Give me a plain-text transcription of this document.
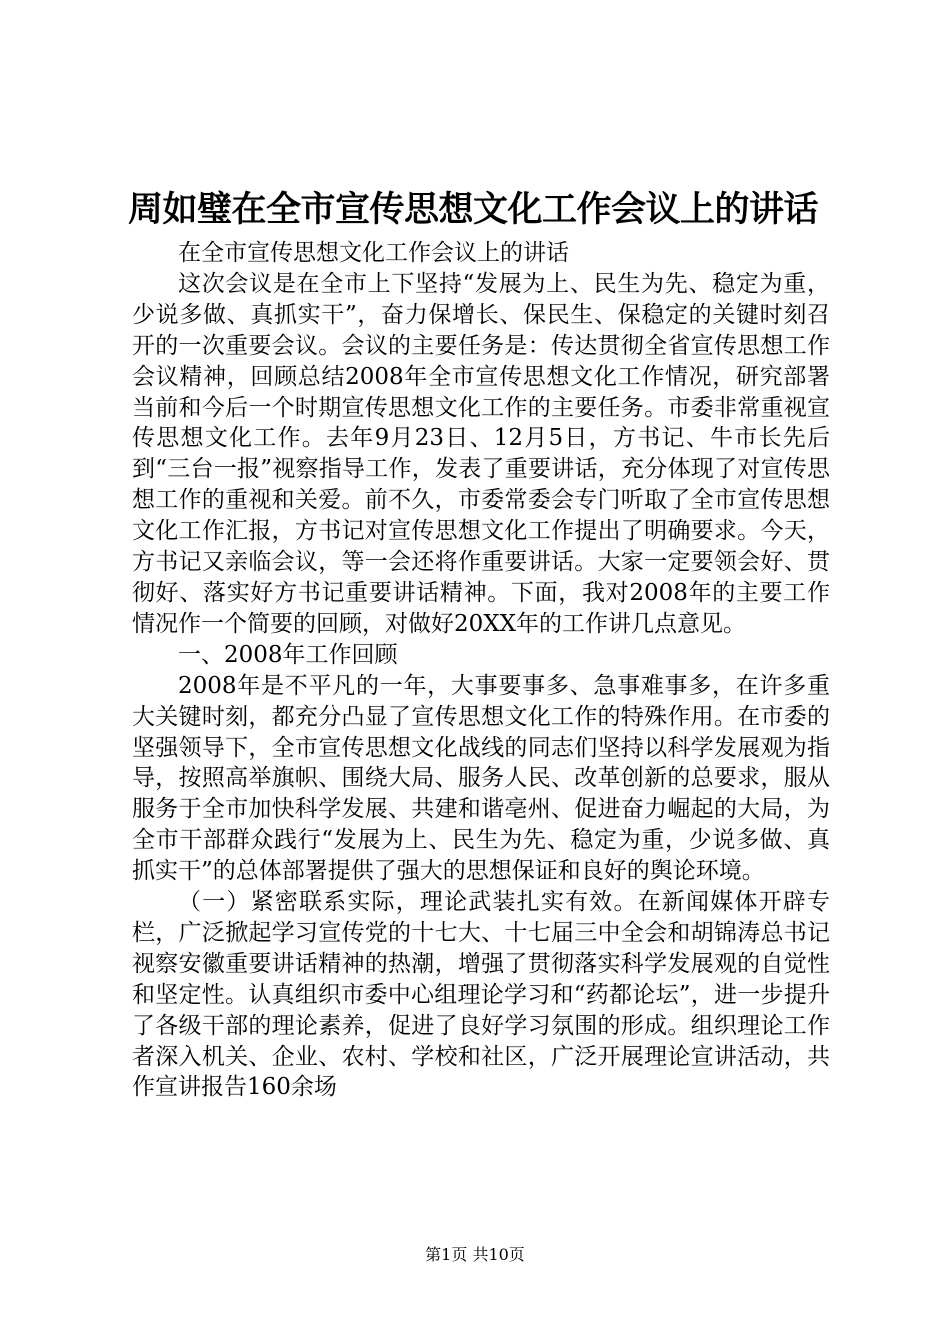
周如璧在全市宣传思想文化工作会议上的讲话

在全市宣传思想文化工作会议上的讲话

这次会议是在全市上下坚持“发展为上、民生为先、稳定为重，少说多做、真抓实干”，奋力保增长、保民生、保稳定的关键时刻召开的一次重要会议。会议的主要任务是：传达贯彻全省宣传思想工作会议精神，回顾总结2008年全市宣传思想文化工作情况，研究部署当前和今后一个时期宣传思想文化工作的主要任务。市委非常重视宣传思想文化工作。去年9月23日、12月5日，方书记、牛市长先后到“三台一报”视察指导工作，发表了重要讲话，充分体现了对宣传思想工作的重视和关爱。前不久，市委常委会专门听取了全市宣传思想文化工作汇报，方书记对宣传思想文化工作提出了明确要求。今天，方书记又亲临会议，等一会还将作重要讲话。大家一定要领会好、贯彻好、落实好方书记重要讲话精神。下面，我对2008年的主要工作情况作一个简要的回顾，对做好20XX年的工作讲几点意见。

一、2008年工作回顾

2008年是不平凡的一年，大事要事多、急事难事多，在许多重大关键时刻，都充分凸显了宣传思想文化工作的特殊作用。在市委的坚强领导下，全市宣传思想文化战线的同志们坚持以科学发展观为指导，按照高举旗帜、围绕大局、服务人民、改革创新的总要求，服从服务于全市加快科学发展、共建和谐亳州、促进奋力崛起的大局，为全市干部群众践行“发展为上、民生为先、稳定为重，少说多做、真抓实干”的总体部署提供了强大的思想保证和良好的舆论环境。

（一）紧密联系实际，理论武装扎实有效。在新闻媒体开辟专栏，广泛掀起学习宣传党的十七大、十七届三中全会和胡锦涛总书记视察安徽重要讲话精神的热潮，增强了贯彻落实科学发展观的自觉性和坚定性。认真组织市委中心组理论学习和“药都论坛”，进一步提升了各级干部的理论素养，促进了良好学习氛围的形成。组织理论工作者深入机关、企业、农村、学校和社区，广泛开展理论宣讲活动，共作宣讲报告160余场

第1页 共10页
